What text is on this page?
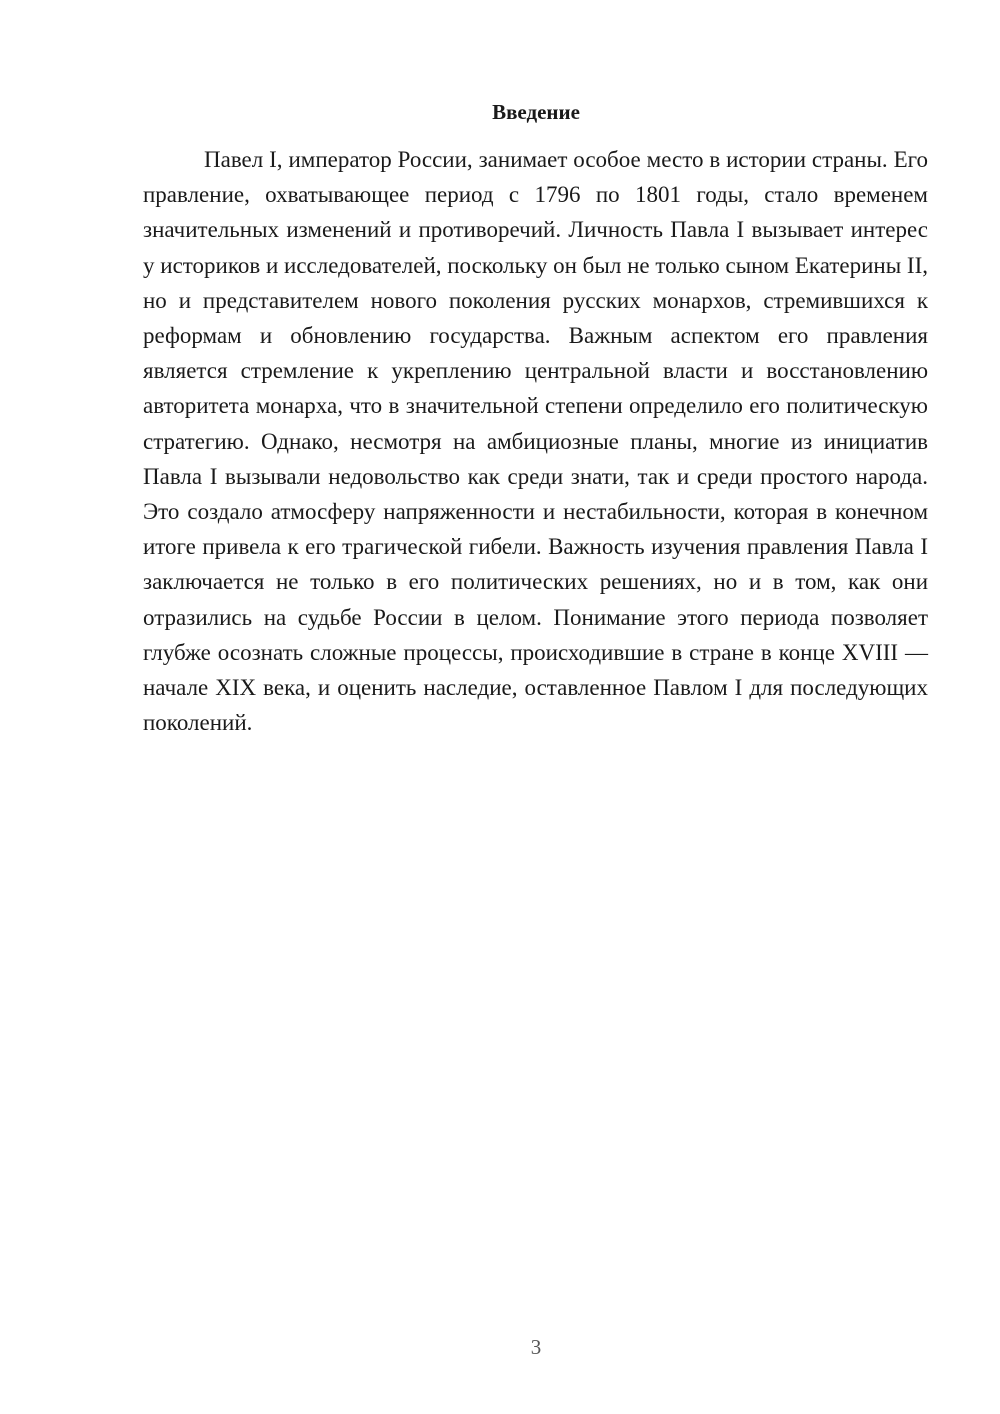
Введение

Павел I, император России, занимает особое место в истории страны. Его правление, охватывающее период с 1796 по 1801 годы, стало временем значительных изменений и противоречий. Личность Павла I вызывает интерес у историков и исследователей, поскольку он был не только сыном Екатерины II, но и представителем нового поколения русских монархов, стремившихся к реформам и обновлению государства. Важным аспектом его правления является стремление к укреплению центральной власти и восстановлению авторитета монарха, что в значительной степени определило его политическую стратегию. Однако, несмотря на амбициозные планы, многие из инициатив Павла I вызывали недовольство как среди знати, так и среди простого народа. Это создало атмосферу напряженности и нестабильности, которая в конечном итоге привела к его трагической гибели. Важность изучения правления Павла I заключается не только в его политических решениях, но и в том, как они отразились на судьбе России в целом. Понимание этого периода позволяет глубже осознать сложные процессы, происходившие в стране в конце XVIII — начале XIX века, и оценить наследие, оставленное Павлом I для последующих поколений.

3
